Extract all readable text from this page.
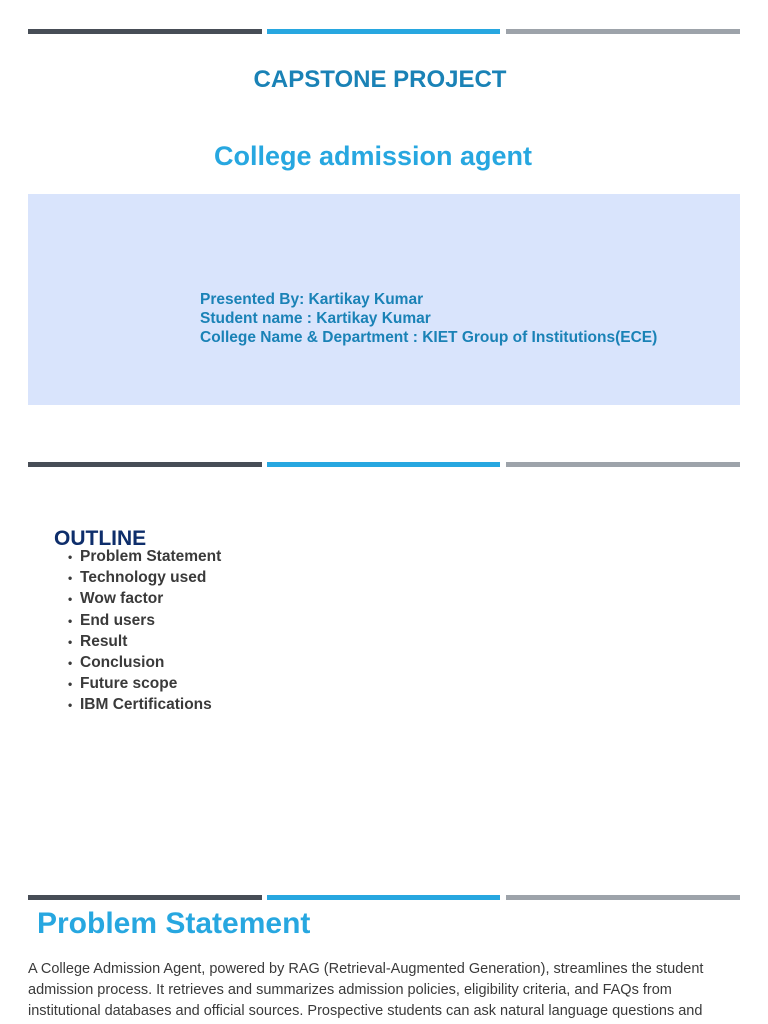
CAPSTONE PROJECT
College admission agent
Presented By: Kartikay Kumar
Student name : Kartikay Kumar
College Name & Department : KIET Group of Institutions(ECE)
OUTLINE
• Problem Statement
• Technology used
• Wow factor
• End users
• Result
• Conclusion
• Future scope
• IBM Certifications
Problem Statement
A College Admission Agent, powered by RAG (Retrieval-Augmented Generation), streamlines the student
admission process. It retrieves and summarizes admission policies, eligibility criteria, and FAQs from
institutional databases and official sources. Prospective students can ask natural language questions and
